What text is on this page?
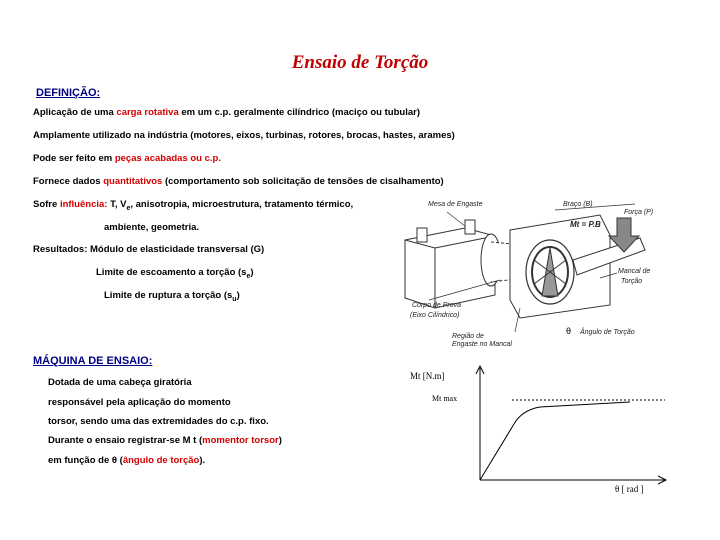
Ensaio de Torção
DEFINIÇÃO:
Aplicação de uma carga rotativa em um c.p. geralmente cilíndrico (maciço ou tubular)
Amplamente utilizado na indústria (motores, eixos, turbinas, rotores, brocas, hastes, arames)
Pode ser feito em peças acabadas ou c.p.
Fornece dados quantitativos (comportamento sob solicitação de tensões de cisalhamento)
Sofre influência: T, $V_e$, anisotropia, microestrutura, tratamento térmico,
ambiente, geometria.
Resultados: Módulo de elasticidade transversal (G)
Limite de escoamento a torção $(s_e)$
Limite de ruptura a torção $(s_u)$
Mesa de Engaste	Braço (B)
Força (P)
Mt = P.B
Mancal de
Torção
Corpo de Prova
(Eixo Cilíndrico)
Região de
Engaste no Mancal
θ Ângulo de Torção
MÁQUINA DE ENSAIO:
Dotada de uma cabeça giratória
responsável pela aplicação do momento
torsor, sendo uma das extremidades do c.p. fixo.
Durante o ensaio registrar-se M t (momentor torsor)
em função de θ (ângulo de torção).
Mt [N.m]
Mt max
θ [ rad ]
